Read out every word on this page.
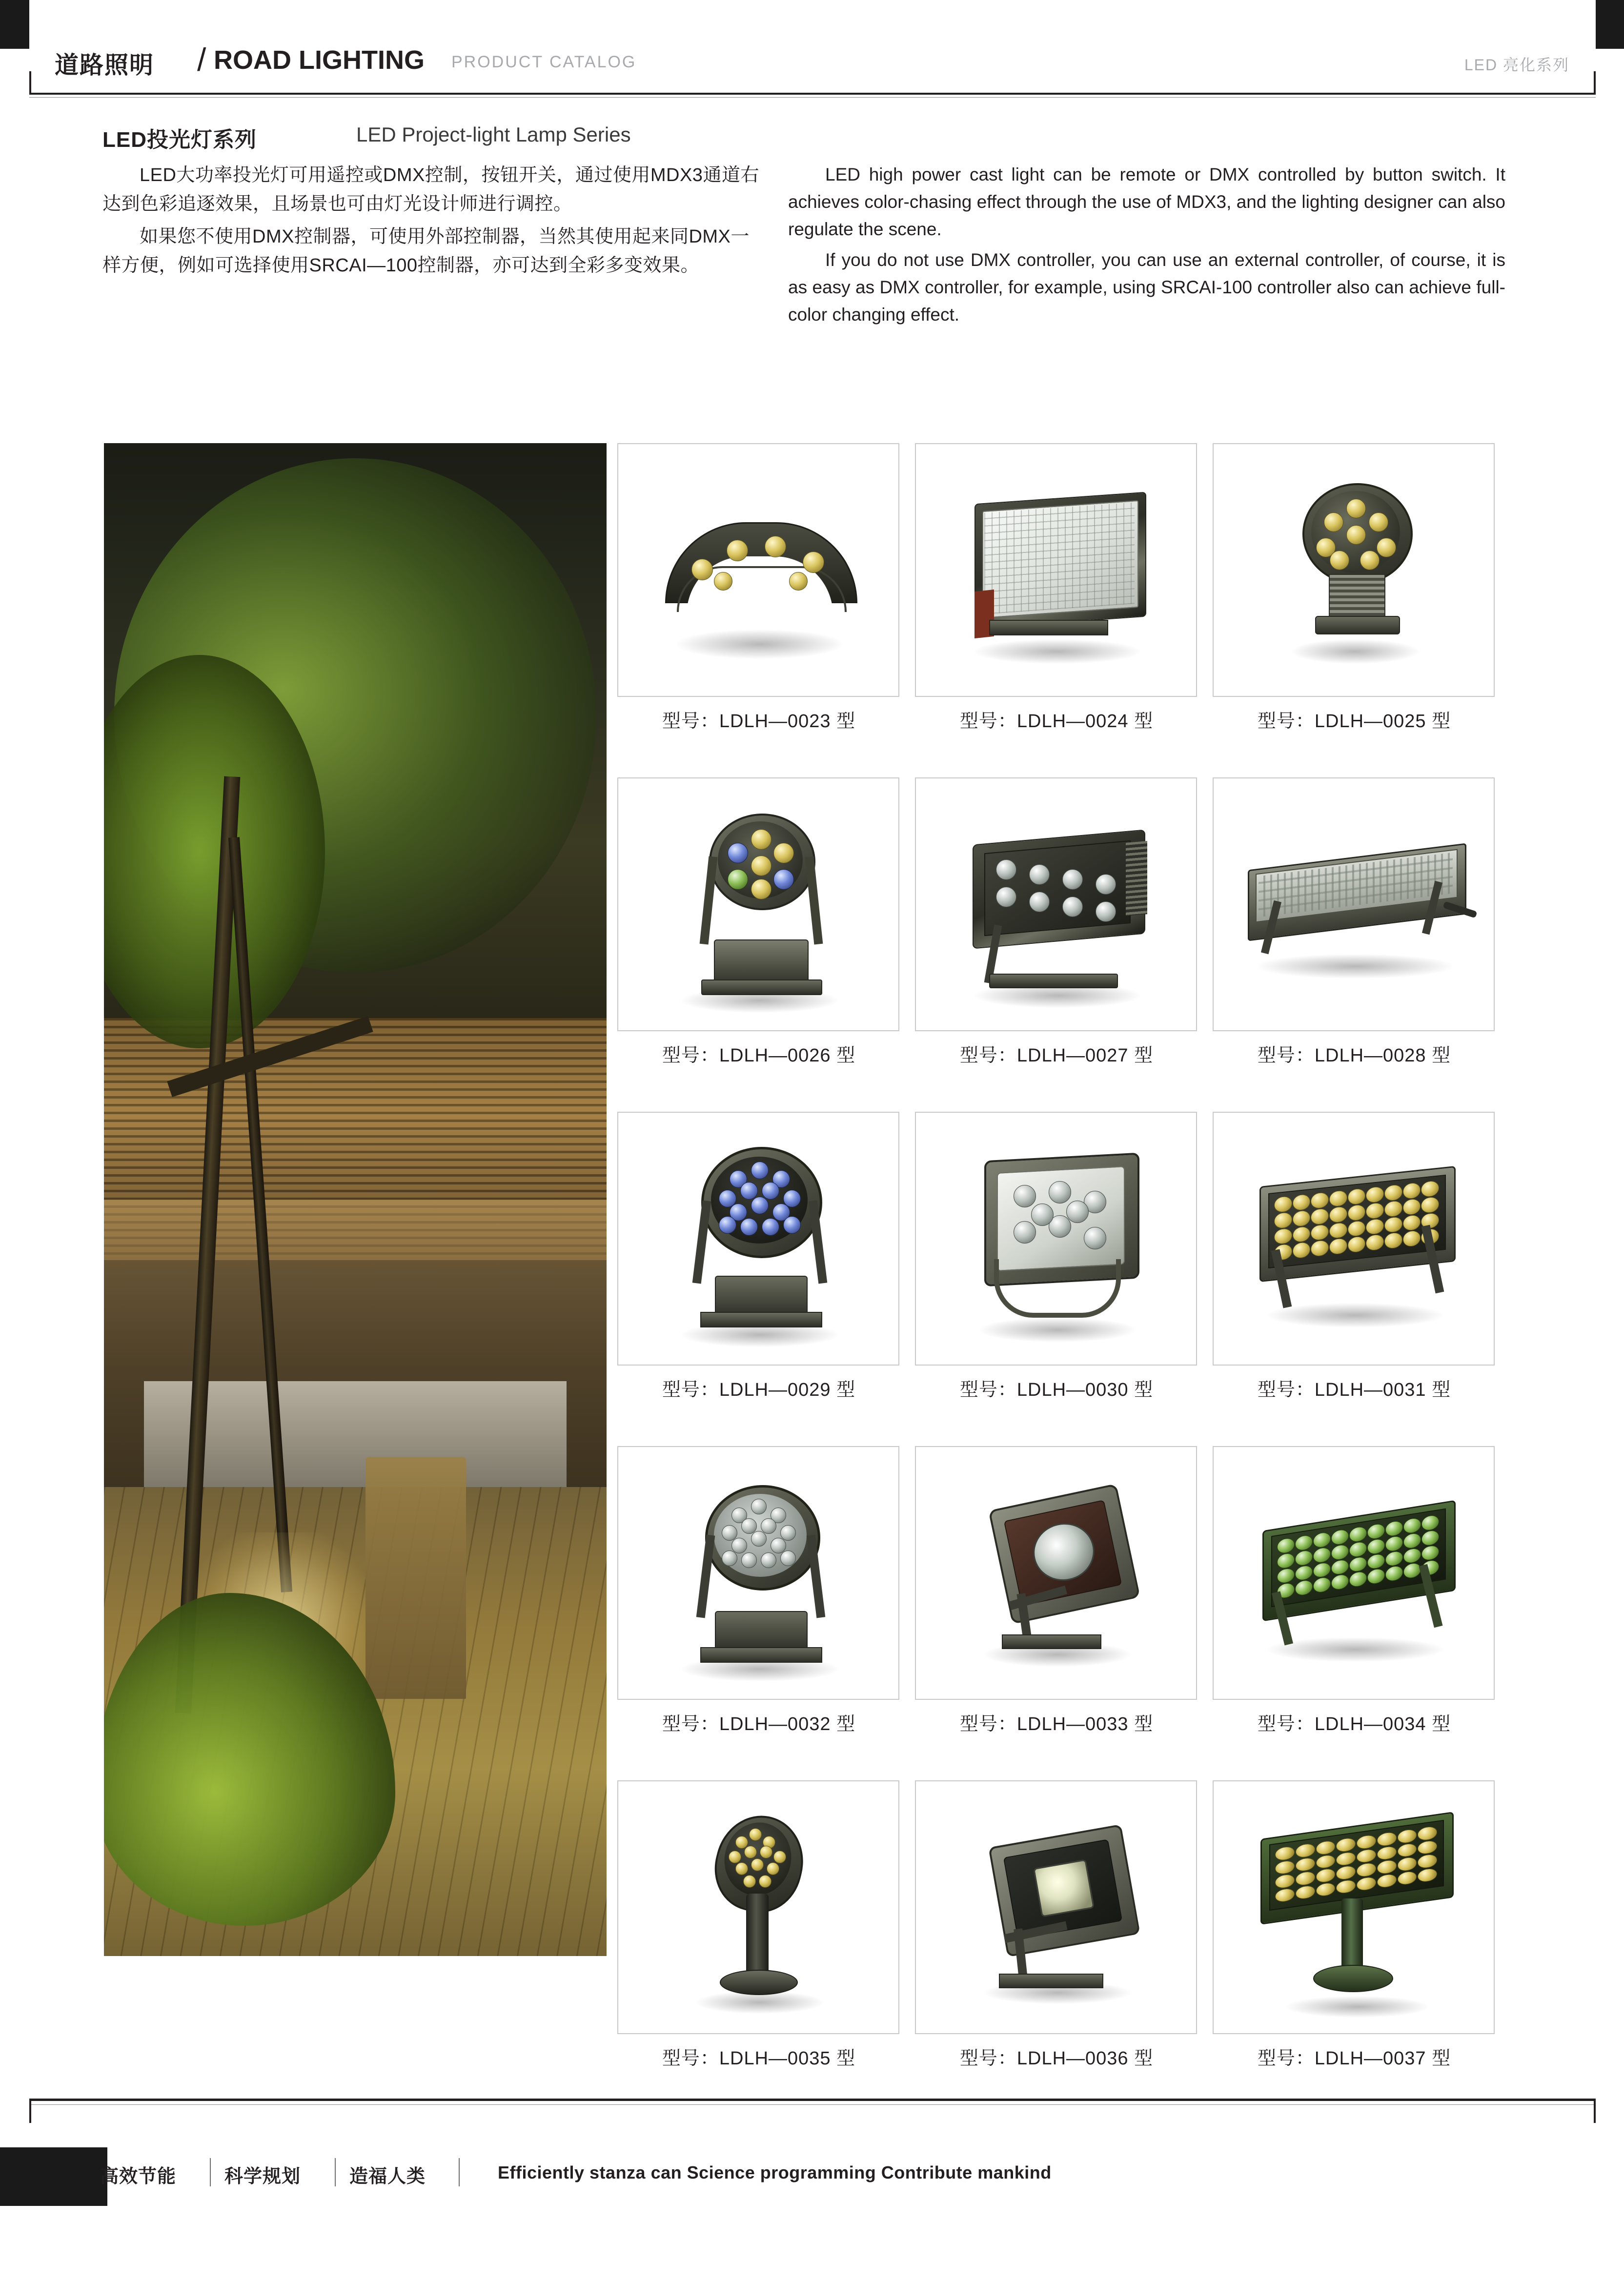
道路照明 / ROAD LIGHTING PRODUCT CATALOG	LED 亮化系列
LED投光灯系列	LED Project-light Lamp Series

LED大功率投光灯可用遥控或DMX控制，按钮开关，通过使用MDX3通道右达到色彩追逐效果，且场景也可由灯光设计师进行调控。

如果您不使用DMX控制器，可使用外部控制器，当然其使用起来同DMX一样方便，例如可选择使用SRCAI—100控制器，亦可达到全彩多变效果。

LED high power cast light can be remote or DMX controlled by button switch. It achieves color-chasing effect through the use of MDX3, and the lighting designer can also regulate the scene.

If you do not use DMX controller, you can use an external controller, of course, it is as easy as DMX controller, for example, using SRCAI-100 controller also can achieve full-color changing effect.

型号：LDLH—0023 型	型号：LDLH—0024 型	型号：LDLH—0025 型
型号：LDLH—0026 型	型号：LDLH—0027 型	型号：LDLH—0028 型
型号：LDLH—0029 型	型号：LDLH—0030 型	型号：LDLH—0031 型
型号：LDLH—0032 型	型号：LDLH—0033 型	型号：LDLH—0034 型
型号：LDLH—0035 型	型号：LDLH—0036 型	型号：LDLH—0037 型
260
高效节能	科学规划	造福人类	Efficiently stanza can Science programming Contribute mankind
